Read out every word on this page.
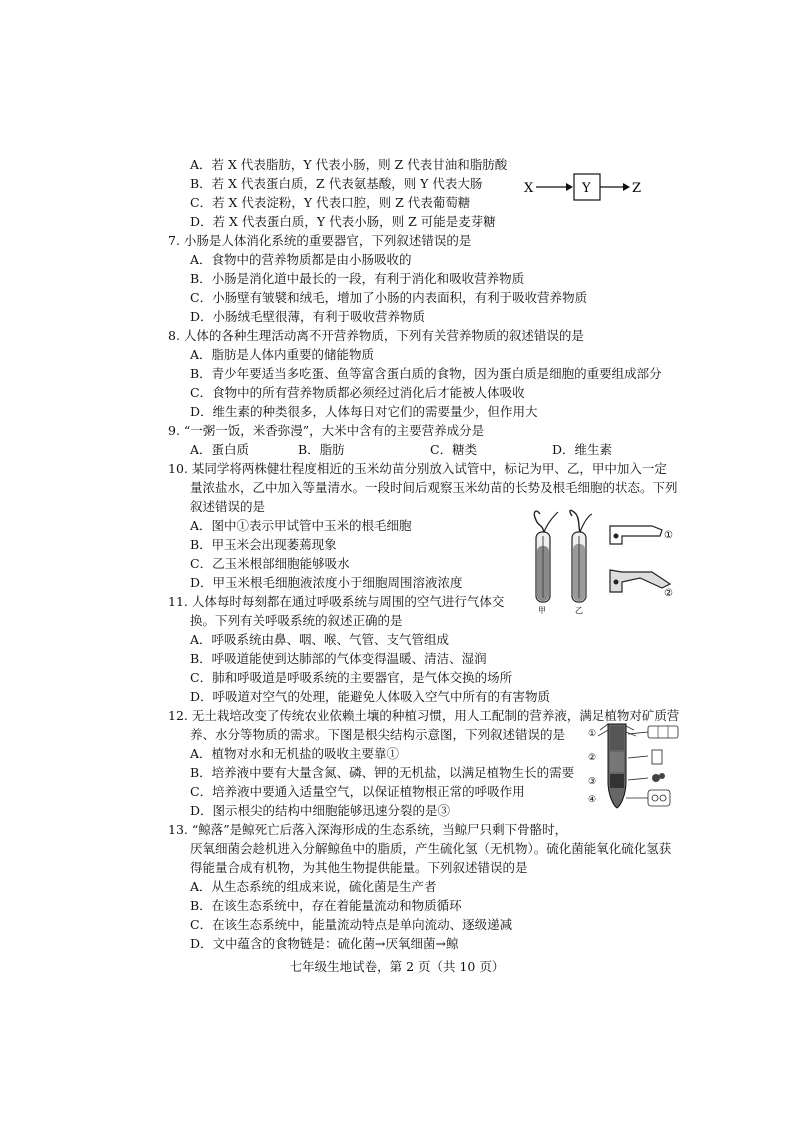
A．若 X 代表脂肪，Y 代表小肠，则 Z 代表甘油和脂肪酸
B．若 X 代表蛋白质，Z 代表氨基酸，则 Y 代表大肠
C．若 X 代表淀粉，Y 代表口腔，则 Z 代表葡萄糖
D．若 X 代表蛋白质，Y 代表小肠，则 Z 可能是麦芽糖
X	Y	Z
7. 小肠是人体消化系统的重要器官，下列叙述错误的是
A．食物中的营养物质都是由小肠吸收的
B．小肠是消化道中最长的一段，有利于消化和吸收营养物质
C．小肠壁有皱襞和绒毛，增加了小肠的内表面积，有利于吸收营养物质
D．小肠绒毛壁很薄，有利于吸收营养物质
8. 人体的各种生理活动离不开营养物质，下列有关营养物质的叙述错误的是
A．脂肪是人体内重要的储能物质
B．青少年要适当多吃蛋、鱼等富含蛋白质的食物，因为蛋白质是细胞的重要组成部分
C．食物中的所有营养物质都必须经过消化后才能被人体吸收
D．维生素的种类很多，人体每日对它们的需要量少，但作用大
9. “一粥一饭，米香弥漫”，大米中含有的主要营养成分是
A．蛋白质	B．脂肪	C．糖类	D．维生素
10. 某同学将两株健壮程度相近的玉米幼苗分别放入试管中，标记为甲、乙，甲中加入一定
量浓盐水，乙中加入等量清水。一段时间后观察玉米幼苗的长势及根毛细胞的状态。下列
叙述错误的是
A．图中①表示甲试管中玉米的根毛细胞
B．甲玉米会出现萎蔫现象
C．乙玉米根部细胞能够吸水
D．甲玉米根毛细胞液浓度小于细胞周围溶液浓度
甲	乙
①
②
11. 人体每时每刻都在通过呼吸系统与周围的空气进行气体交
换。下列有关呼吸系统的叙述正确的是
A．呼吸系统由鼻、咽、喉、气管、支气管组成
B．呼吸道能使到达肺部的气体变得温暖、清洁、湿润
C．肺和呼吸道是呼吸系统的主要器官，是气体交换的场所
D．呼吸道对空气的处理，能避免人体吸入空气中所有的有害物质
12. 无土栽培改变了传统农业依赖土壤的种植习惯，用人工配制的营养液，满足植物对矿质营
养、水分等物质的需求。下图是根尖结构示意图，下列叙述错误的是
A．植物对水和无机盐的吸收主要靠①
B．培养液中要有大量含氮、磷、钾的无机盐，以满足植物生长的需要
C．培养液中要通入适量空气，以保证植物根正常的呼吸作用
D．图示根尖的结构中细胞能够迅速分裂的是③
①
②
③
④
13. “鲸落”是鲸死亡后落入深海形成的生态系统，当鲸尸只剩下骨骼时，
厌氧细菌会趁机进入分解鲸鱼中的脂质，产生硫化氢（无机物）。硫化菌能氧化硫化氢获
得能量合成有机物，为其他生物提供能量。下列叙述错误的是
A．从生态系统的组成来说，硫化菌是生产者
B．在该生态系统中，存在着能量流动和物质循环
C．在该生态系统中，能量流动特点是单向流动、逐级递减
D．文中蕴含的食物链是：硫化菌→厌氧细菌→鲸
七年级生地试卷，第 2 页（共 10 页）
